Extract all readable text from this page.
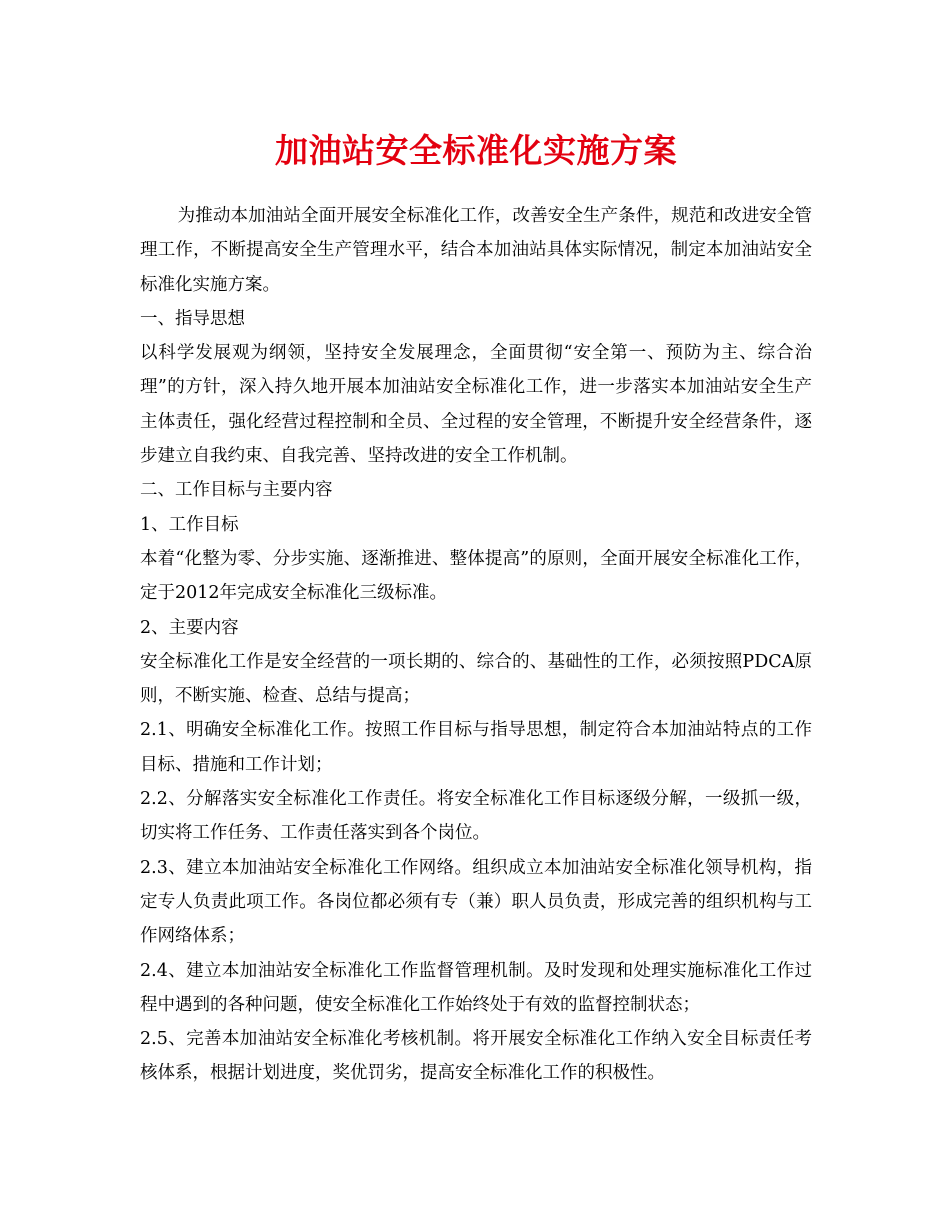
加油站安全标准化实施方案

为推动本加油站全面开展安全标准化工作，改善安全生产条件，规范和改进安全管理工作，不断提高安全生产管理水平，结合本加油站具体实际情况，制定本加油站安全标准化实施方案。

一、指导思想

以科学发展观为纲领，坚持安全发展理念，全面贯彻“安全第一、预防为主、综合治理”的方针，深入持久地开展本加油站安全标准化工作，进一步落实本加油站安全生产主体责任，强化经营过程控制和全员、全过程的安全管理，不断提升安全经营条件，逐步建立自我约束、自我完善、坚持改进的安全工作机制。

二、工作目标与主要内容

1、工作目标

本着“化整为零、分步实施、逐渐推进、整体提高”的原则，全面开展安全标准化工作，定于2012年完成安全标准化三级标准。

2、主要内容

安全标准化工作是安全经营的一项长期的、综合的、基础性的工作，必须按照PDCA原则，不断实施、检查、总结与提高；

2.1、明确安全标准化工作。按照工作目标与指导思想，制定符合本加油站特点的工作目标、措施和工作计划；

2.2、分解落实安全标准化工作责任。将安全标准化工作目标逐级分解，一级抓一级，切实将工作任务、工作责任落实到各个岗位。

2.3、建立本加油站安全标准化工作网络。组织成立本加油站安全标准化领导机构，指定专人负责此项工作。各岗位都必须有专（兼）职人员负责，形成完善的组织机构与工作网络体系；

2.4、建立本加油站安全标准化工作监督管理机制。及时发现和处理实施标准化工作过程中遇到的各种问题，使安全标准化工作始终处于有效的监督控制状态；

2.5、完善本加油站安全标准化考核机制。将开展安全标准化工作纳入安全目标责任考核体系，根据计划进度，奖优罚劣，提高安全标准化工作的积极性。
